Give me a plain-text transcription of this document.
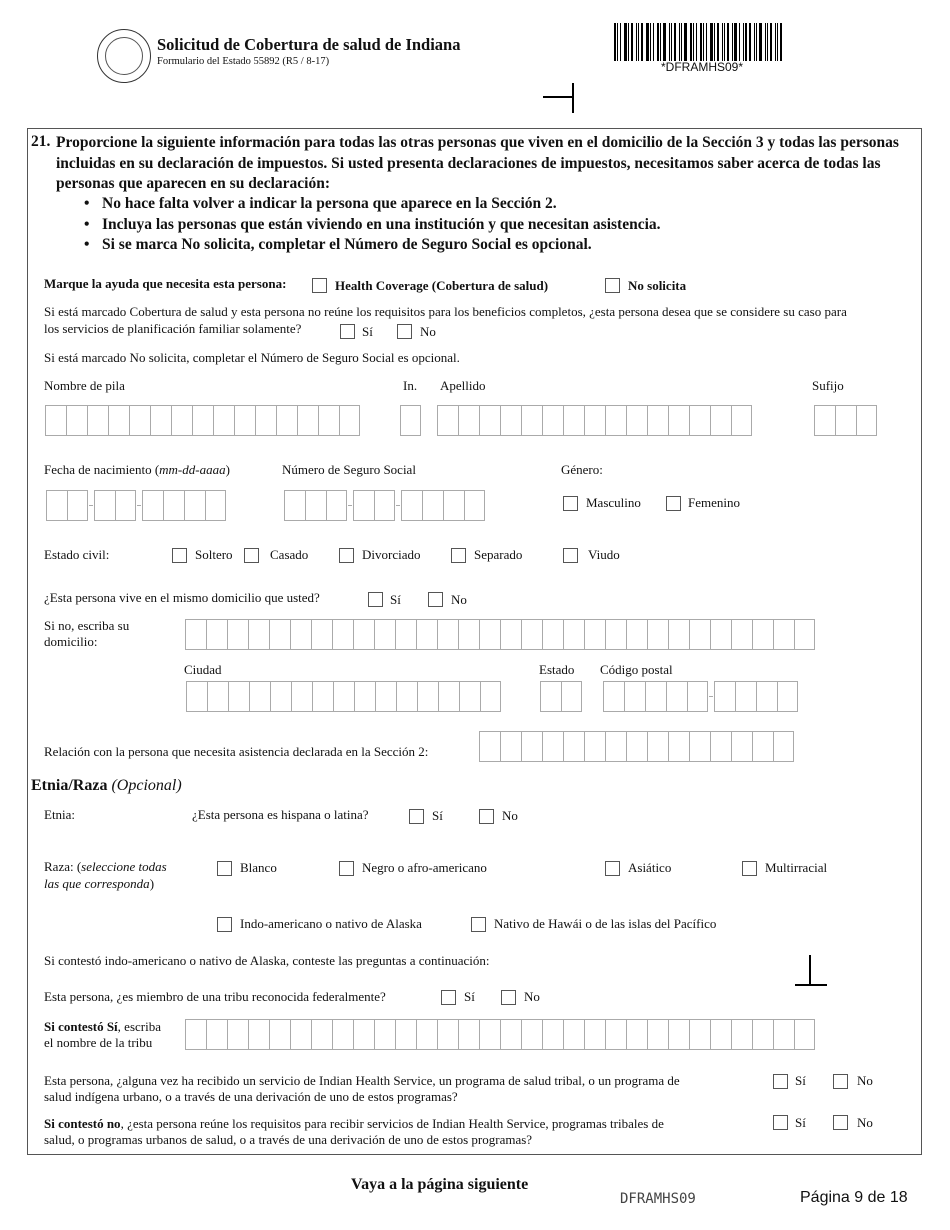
Solicitud de Cobertura de salud de Indiana
Formulario del Estado 55892 (R5 / 8-17)	*DFRAMHS09*
21. Proporcione la siguiente información para todas las otras personas que viven en el domicilio de la Sección 3 y todas las personas incluidas en su declaración de impuestos. Si usted presenta declaraciones de impuestos, necesitamos saber acerca de todas las personas que aparecen en su declaración:
• No hace falta volver a indicar la persona que aparece en la Sección 2.
• Incluya las personas que están viviendo en una institución y que necesitan asistencia.
• Si se marca No solicita, completar el Número de Seguro Social es opcional.
Marque la ayuda que necesita esta persona:	Health Coverage (Cobertura de salud)	No solicita
Si está marcado Cobertura de salud y esta persona no reúne los requisitos para los beneficios completos, ¿esta persona desea que se considere su caso para
los servicios de planificación familiar solamente?	Sí	No
Si está marcado No solicita, completar el Número de Seguro Social es opcional.
Nombre de pila	In. Apellido	Sufijo
Fecha de nacimiento (mm-dd-aaaa)	Número de Seguro Social	Género:
Masculino	Femenino
Estado civil:	Soltero	Casado	Divorciado	Separado	Viudo
¿Esta persona vive en el mismo domicilio que usted?	Sí	No
Si no, escriba su
domicilio:
Ciudad	Estado Código postal
Relación con la persona que necesita asistencia declarada en la Sección 2:
Etnia/Raza (Opcional)
Etnia:	¿Esta persona es hispana o latina?	Sí	No
Raza: (seleccione todas
las que corresponda)
Blanco	Negro o afro-americano	Asiático	Multirracial
Indo-americano o nativo de Alaska	Nativo de Hawái o de las islas del Pacífico
Si contestó indo-americano o nativo de Alaska, conteste las preguntas a continuación:
Esta persona, ¿es miembro de una tribu reconocida federalmente?	Sí	No
Si contestó Sí, escriba
el nombre de la tribu
Esta persona, ¿alguna vez ha recibido un servicio de Indian Health Service, un programa de salud tribal, o un programa de
salud indígena urbano, o a través de una derivación de uno de estos programas?
Sí	No
Si contestó no, ¿esta persona reúne los requisitos para recibir servicios de Indian Health Service, programas tribales de
salud, o programas urbanos de salud, o a través de una derivación de uno de estos programas?
Sí	No
Vaya a la página siguiente
DFRAMHS09	Página 9 de 18
